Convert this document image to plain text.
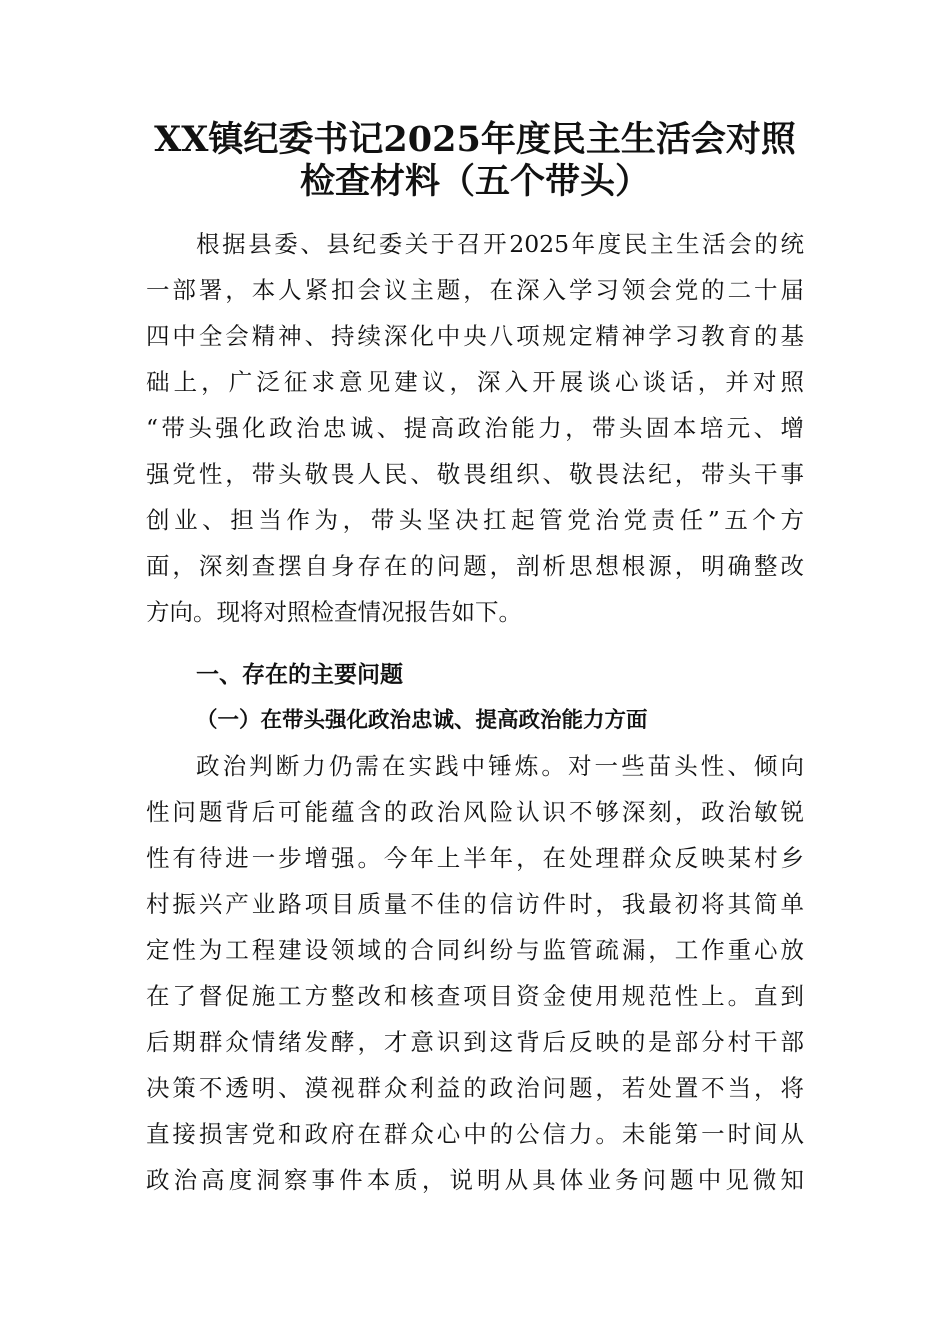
XX镇纪委书记2025年度民主生活会对照
检查材料（五个带头）

根据县委、县纪委关于召开2025年度民主生活会的统

一部署，本人紧扣会议主题，在深入学习领会党的二十届

四中全会精神、持续深化中央八项规定精神学习教育的基

础上，广泛征求意见建议，深入开展谈心谈话，并对照

“带头强化政治忠诚、提高政治能力，带头固本培元、增

强党性，带头敬畏人民、敬畏组织、敬畏法纪，带头干事

创业、担当作为，带头坚决扛起管党治党责任”五个方

面，深刻查摆自身存在的问题，剖析思想根源，明确整改

方向。现将对照检查情况报告如下。

一、存在的主要问题
（一）在带头强化政治忠诚、提高政治能力方面

政治判断力仍需在实践中锤炼。对一些苗头性、倾向

性问题背后可能蕴含的政治风险认识不够深刻，政治敏锐

性有待进一步增强。今年上半年，在处理群众反映某村乡

村振兴产业路项目质量不佳的信访件时，我最初将其简单

定性为工程建设领域的合同纠纷与监管疏漏，工作重心放

在了督促施工方整改和核查项目资金使用规范性上。直到

后期群众情绪发酵，才意识到这背后反映的是部分村干部

决策不透明、漠视群众利益的政治问题，若处置不当，将

直接损害党和政府在群众心中的公信力。未能第一时间从

政治高度洞察事件本质，说明从具体业务问题中见微知
